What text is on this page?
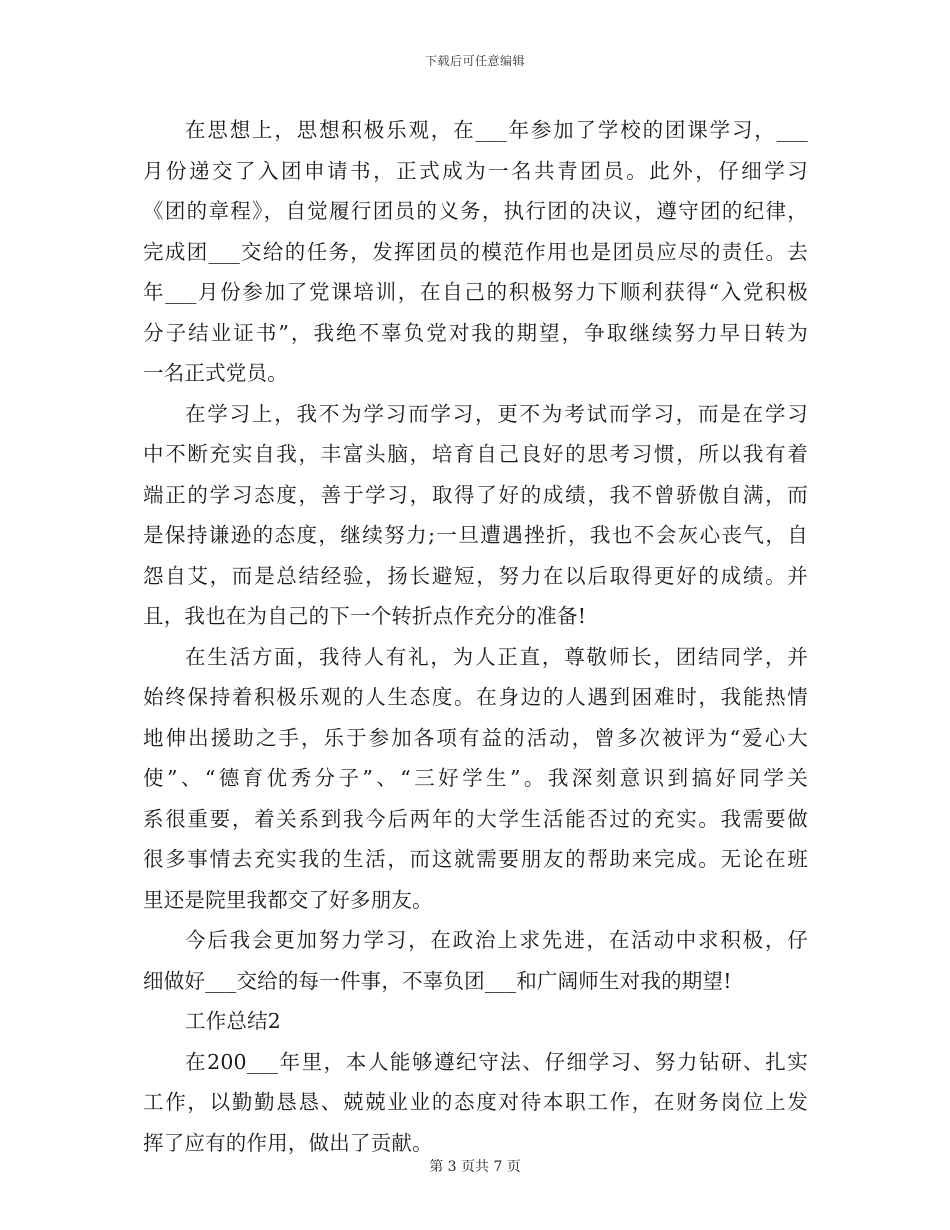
下载后可任意编辑
在思想上，思想积极乐观，在___年参加了学校的团课学习，___
月份递交了入团申请书，正式成为一名共青团员。此外，仔细学习
《团的章程》，自觉履行团员的义务，执行团的决议，遵守团的纪律，
完成团___交给的任务，发挥团员的模范作用也是团员应尽的责任。去
年___月份参加了党课培训，在自己的积极努力下顺利获得“入党积极
分子结业证书”，我绝不辜负党对我的期望，争取继续努力早日转为
一名正式党员。
在学习上，我不为学习而学习，更不为考试而学习，而是在学习
中不断充实自我，丰富头脑，培育自己良好的思考习惯，所以我有着
端正的学习态度，善于学习，取得了好的成绩，我不曾骄傲自满，而
是保持谦逊的态度，继续努力;一旦遭遇挫折，我也不会灰心丧气，自
怨自艾，而是总结经验，扬长避短，努力在以后取得更好的成绩。并
且，我也在为自己的下一个转折点作充分的准备!
在生活方面，我待人有礼，为人正直，尊敬师长，团结同学，并
始终保持着积极乐观的人生态度。在身边的人遇到困难时，我能热情
地伸出援助之手，乐于参加各项有益的活动，曾多次被评为“爱心大
使”、“德育优秀分子”、“三好学生”。我深刻意识到搞好同学关
系很重要，着关系到我今后两年的大学生活能否过的充实。我需要做
很多事情去充实我的生活，而这就需要朋友的帮助来完成。无论在班
里还是院里我都交了好多朋友。
今后我会更加努力学习，在政治上求先进，在活动中求积极，仔
细做好___交给的每一件事，不辜负团___和广阔师生对我的期望!
工作总结2
在200___年里，本人能够遵纪守法、仔细学习、努力钻研、扎实
工作，以勤勤恳恳、兢兢业业的态度对待本职工作，在财务岗位上发
挥了应有的作用，做出了贡献。
第 3 页共 7 页
